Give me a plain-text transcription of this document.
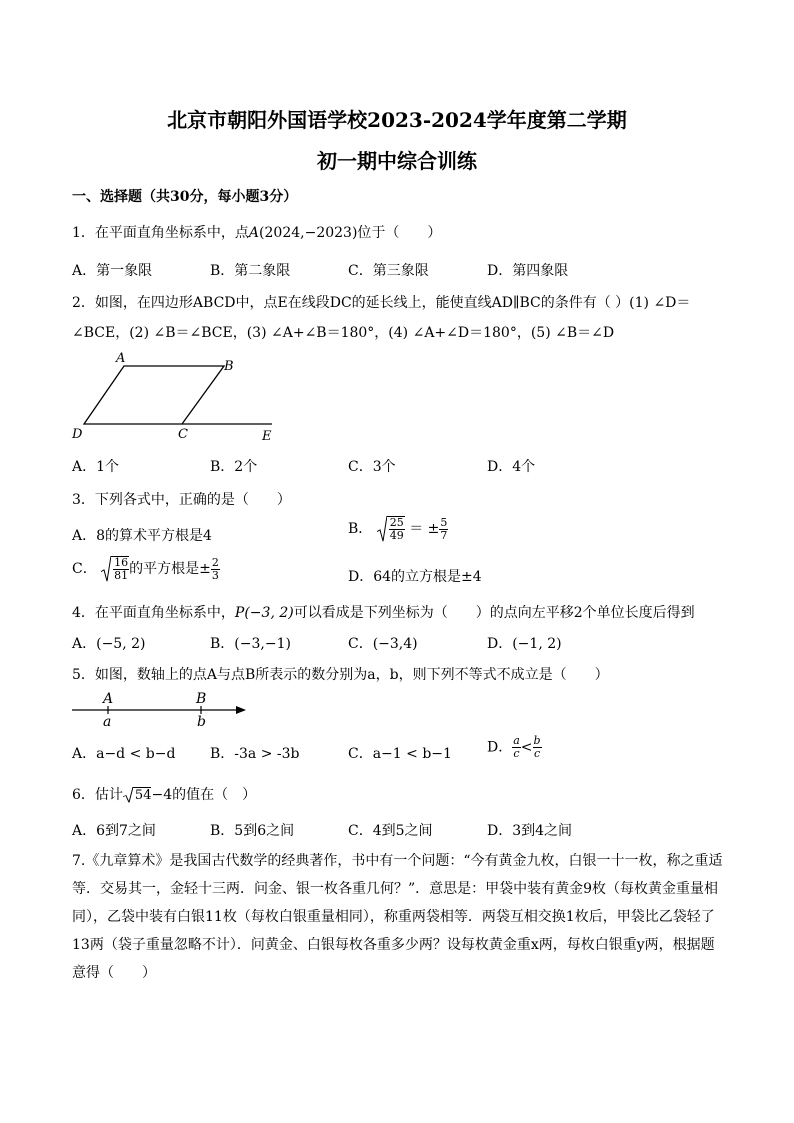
北京市朝阳外国语学校2023-2024学年度第二学期
初一期中综合训练
一、选择题（共30分，每小题3分）
1．在平面直角坐标系中，点A(2024,−2023)位于（　　）
A．第一象限	B．第二象限	C．第三象限	D．第四象限
2．如图，在四边形ABCD中，点E在线段DC的延长线上，能使直线AD∥BC的条件有（ ）(1) ∠D＝
∠BCE，(2) ∠B＝∠BCE，(3) ∠A+∠B＝180°，(4) ∠A+∠D＝180°，(5) ∠B＝∠D
A
B
C
D	E
A．1个	B．2个	C．3个	D．4个
3．下列各式中，正确的是（　　）
A．8的算术平方根是4	B． $\frac{25}{49}$ ＝ ± $\frac{5}{7}$
C． $\frac{16}{81}$ 的平方根是± $\frac{2}{3}$	D．64的立方根是±4
4．在平面直角坐标系中，P(−3, 2)可以看成是下列坐标为（　　）的点向左平移2个单位长度后得到
A．(−5, 2)	B．(−3,−1)	C．(−3,4)	D．(−1, 2)
5．如图，数轴上的点A与点B所表示的数分别为a，b，则下列不等式不成立是（　　）
A
a
B
b
A．a−d < b−d B．-3a > -3b	C．a−1 < b−1	D． $\frac{a}{c} < \frac{b}{c}$
6．估计 54−4的值在（　）
A．6到7之间	B．5到6之间	C．4到5之间	D．3到4之间
7.《九章算术》是我国古代数学的经典著作，书中有一个问题：“今有黄金九枚，白银一十一枚，称之重适等．交易其一，金轻十三两．问金、银一枚各重几何？”．意思是：甲袋中装有黄金9枚（每枚黄金重量相同），乙袋中装有白银11枚（每枚白银重量相同），称重两袋相等．两袋互相交换1枚后，甲袋比乙袋轻了13两（袋子重量忽略不计）．问黄金、白银每枚各重多少两？设每枚黄金重x两，每枚白银重y两，根据题意得（　　）
